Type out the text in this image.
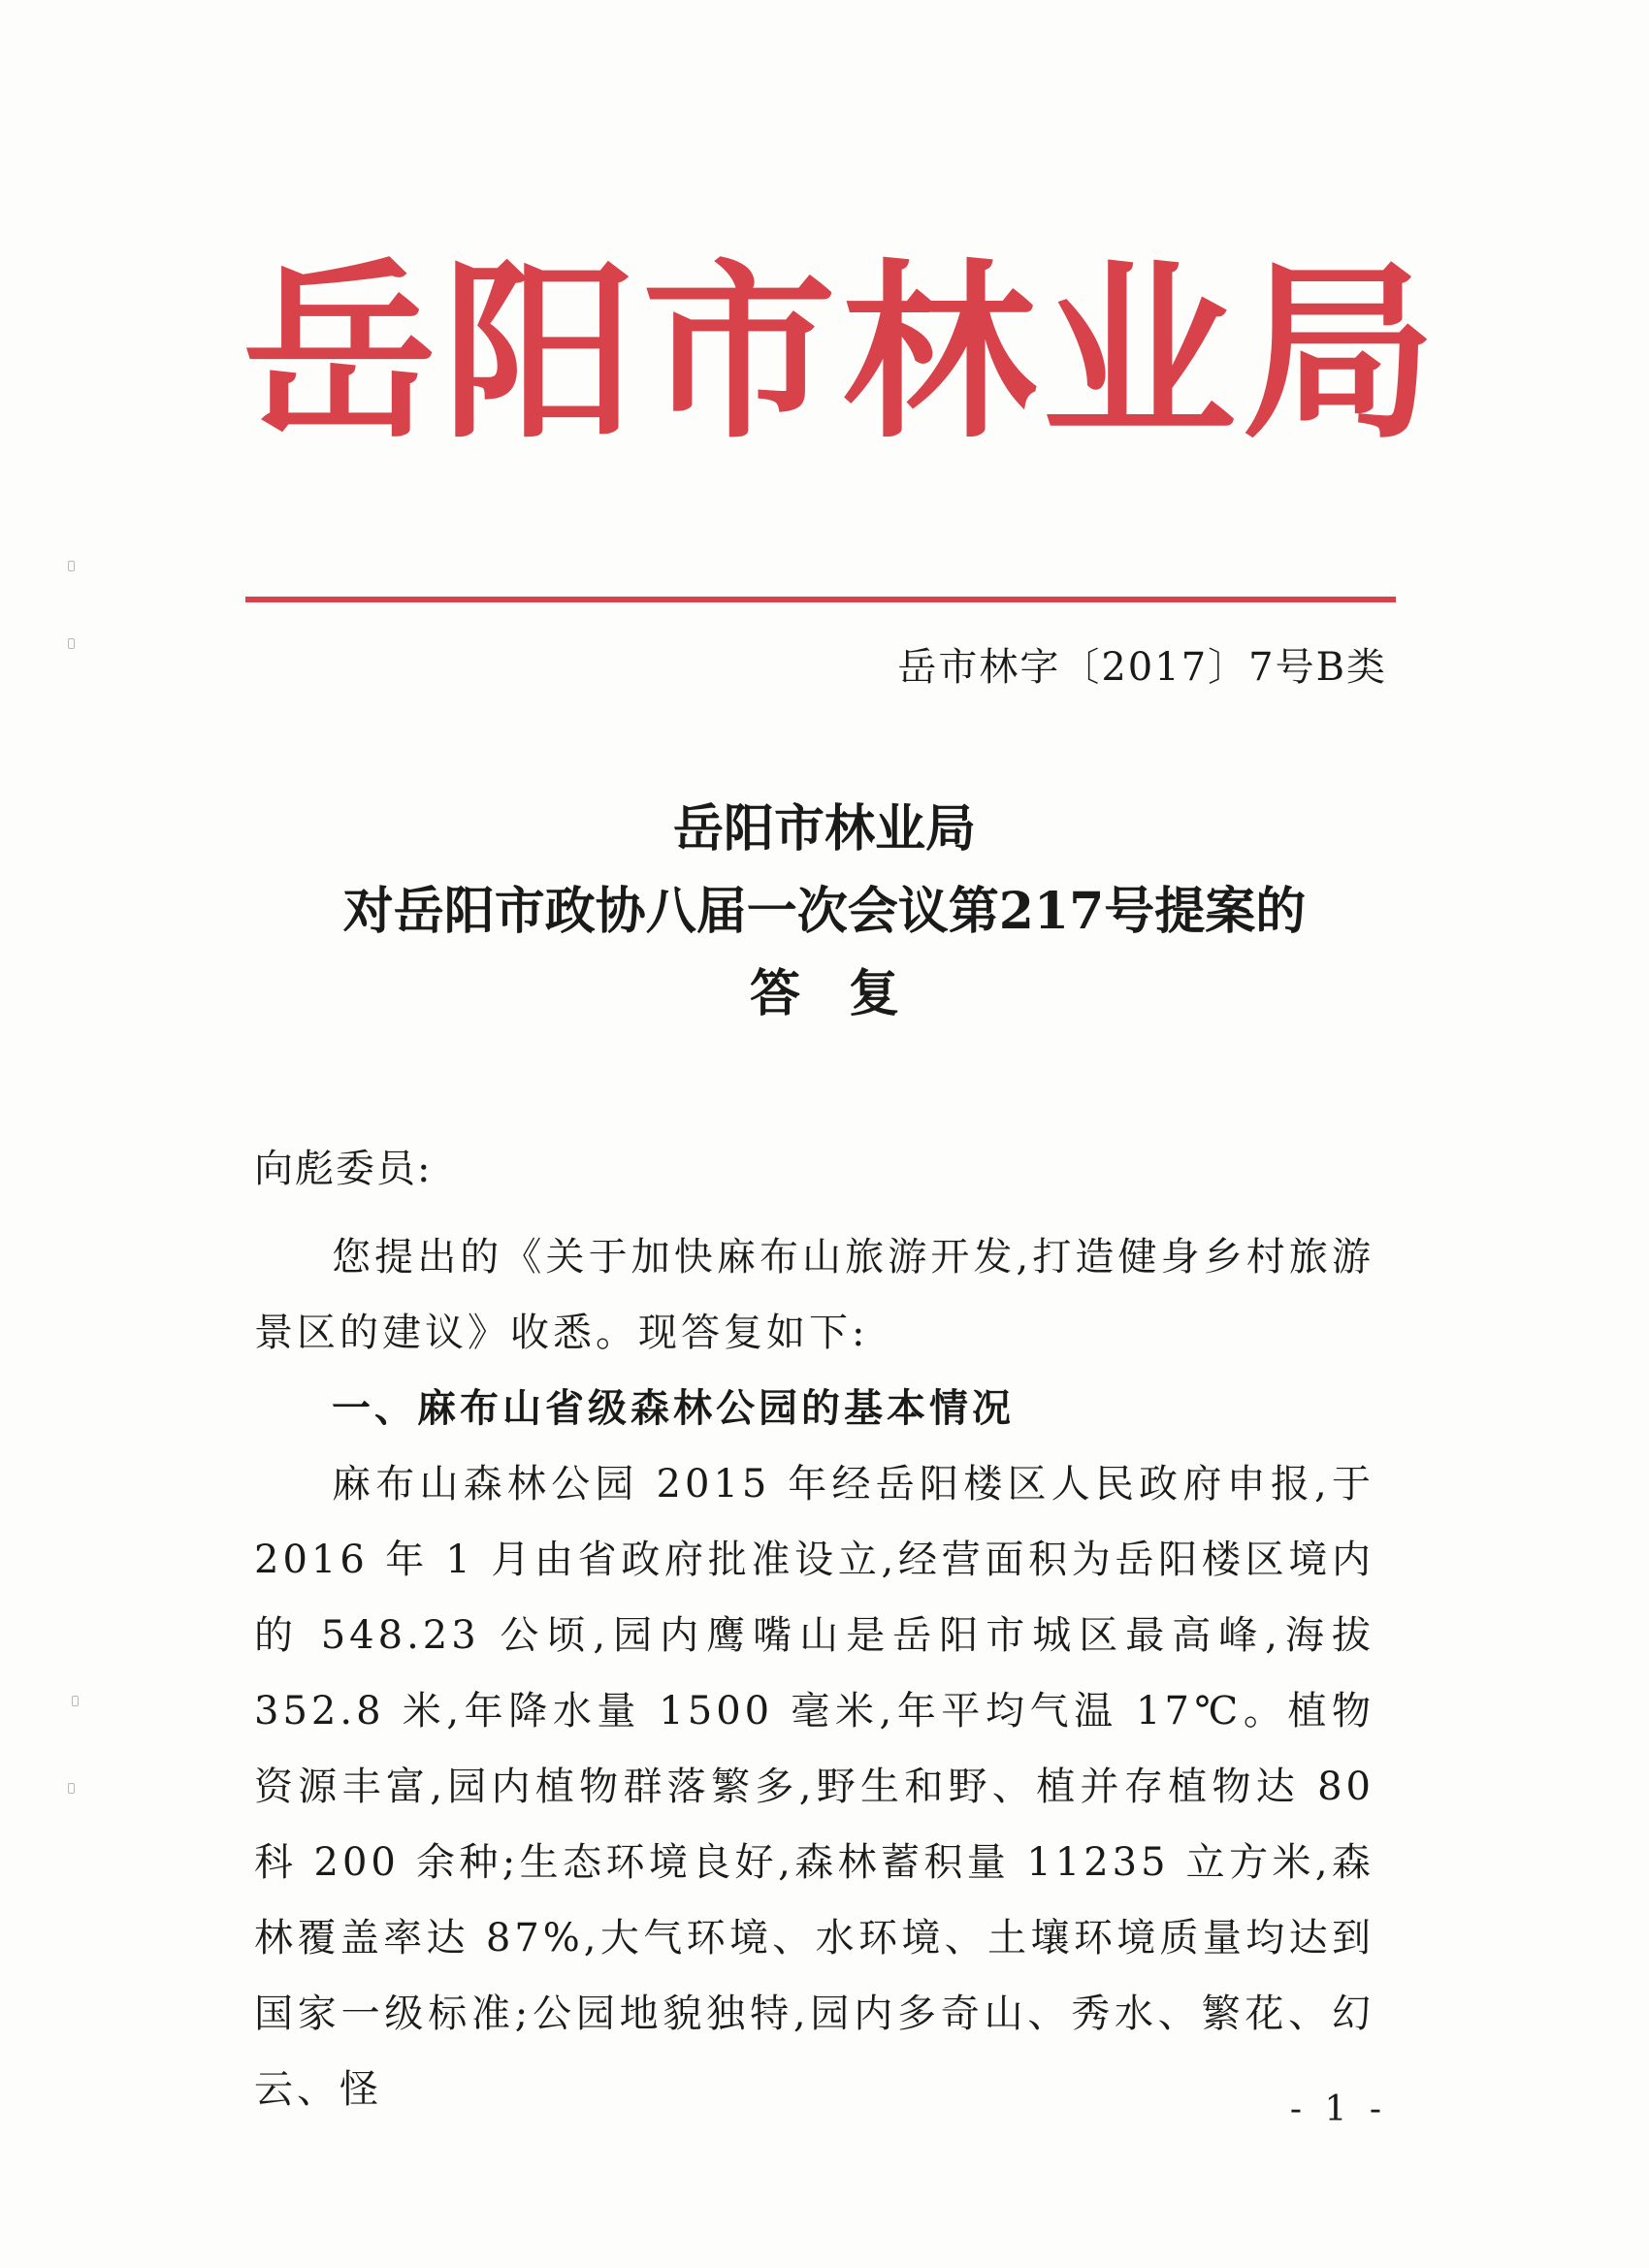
岳阳市林业局
岳市林字〔2017〕7号B类
岳阳市林业局
对岳阳市政协八届一次会议第217号提案的
答复
向彪委员:

您提出的《关于加快麻布山旅游开发,打造健身乡村旅游景区的建议》收悉。现答复如下:

一、麻布山省级森林公园的基本情况

麻布山森林公园 2015 年经岳阳楼区人民政府申报,于 2016 年 1 月由省政府批准设立,经营面积为岳阳楼区境内的 548.23 公顷,园内鹰嘴山是岳阳市城区最高峰,海拔 352.8 米,年降水量 1500 毫米,年平均气温 17℃。植物资源丰富,园内植物群落繁多,野生和野、植并存植物达 80 科 200 余种;生态环境良好,森林蓄积量 11235 立方米,森林覆盖率达 87%,大气环境、水环境、土壤环境质量均达到国家一级标准;公园地貌独特,园内多奇山、秀水、繁花、幻云、怪	- 1 -
